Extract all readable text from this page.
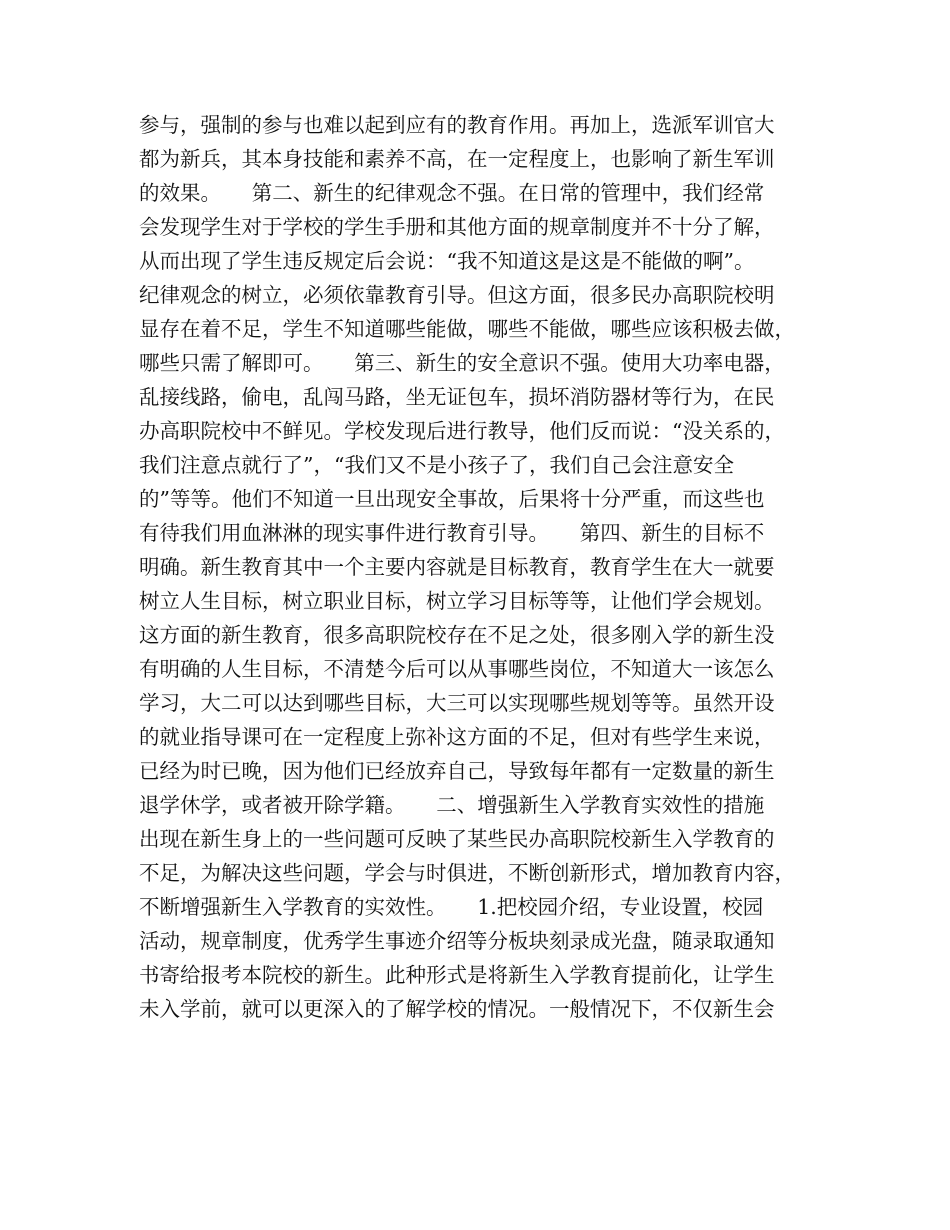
参与，强制的参与也难以起到应有的教育作用。再加上，选派军训官大
都为新兵，其本身技能和素养不高，在一定程度上，也影响了新生军训
的效果。　　第二、新生的纪律观念不强。在日常的管理中，我们经常
会发现学生对于学校的学生手册和其他方面的规章制度并不十分了解，
从而出现了学生违反规定后会说：“我不知道这是这是不能做的啊”。
纪律观念的树立，必须依靠教育引导。但这方面，很多民办高职院校明
显存在着不足，学生不知道哪些能做，哪些不能做，哪些应该积极去做，
哪些只需了解即可。　　第三、新生的安全意识不强。使用大功率电器，
乱接线路，偷电，乱闯马路，坐无证包车，损坏消防器材等行为，在民
办高职院校中不鲜见。学校发现后进行教导，他们反而说：“没关系的，
我们注意点就行了”，“我们又不是小孩子了，我们自己会注意安全
的”等等。他们不知道一旦出现安全事故，后果将十分严重，而这些也
有待我们用血淋淋的现实事件进行教育引导。　　第四、新生的目标不
明确。新生教育其中一个主要内容就是目标教育，教育学生在大一就要
树立人生目标，树立职业目标，树立学习目标等等，让他们学会规划。
这方面的新生教育，很多高职院校存在不足之处，很多刚入学的新生没
有明确的人生目标，不清楚今后可以从事哪些岗位，不知道大一该怎么
学习，大二可以达到哪些目标，大三可以实现哪些规划等等。虽然开设
的就业指导课可在一定程度上弥补这方面的不足，但对有些学生来说，
已经为时已晚，因为他们已经放弃自己，导致每年都有一定数量的新生
退学休学，或者被开除学籍。　　二、增强新生入学教育实效性的措施
出现在新生身上的一些问题可反映了某些民办高职院校新生入学教育的
不足，为解决这些问题，学会与时俱进，不断创新形式，增加教育内容，
不断增强新生入学教育的实效性。　　1.把校园介绍，专业设置，校园
活动，规章制度，优秀学生事迹介绍等分板块刻录成光盘，随录取通知
书寄给报考本院校的新生。此种形式是将新生入学教育提前化，让学生
未入学前，就可以更深入的了解学校的情况。一般情况下，不仅新生会
